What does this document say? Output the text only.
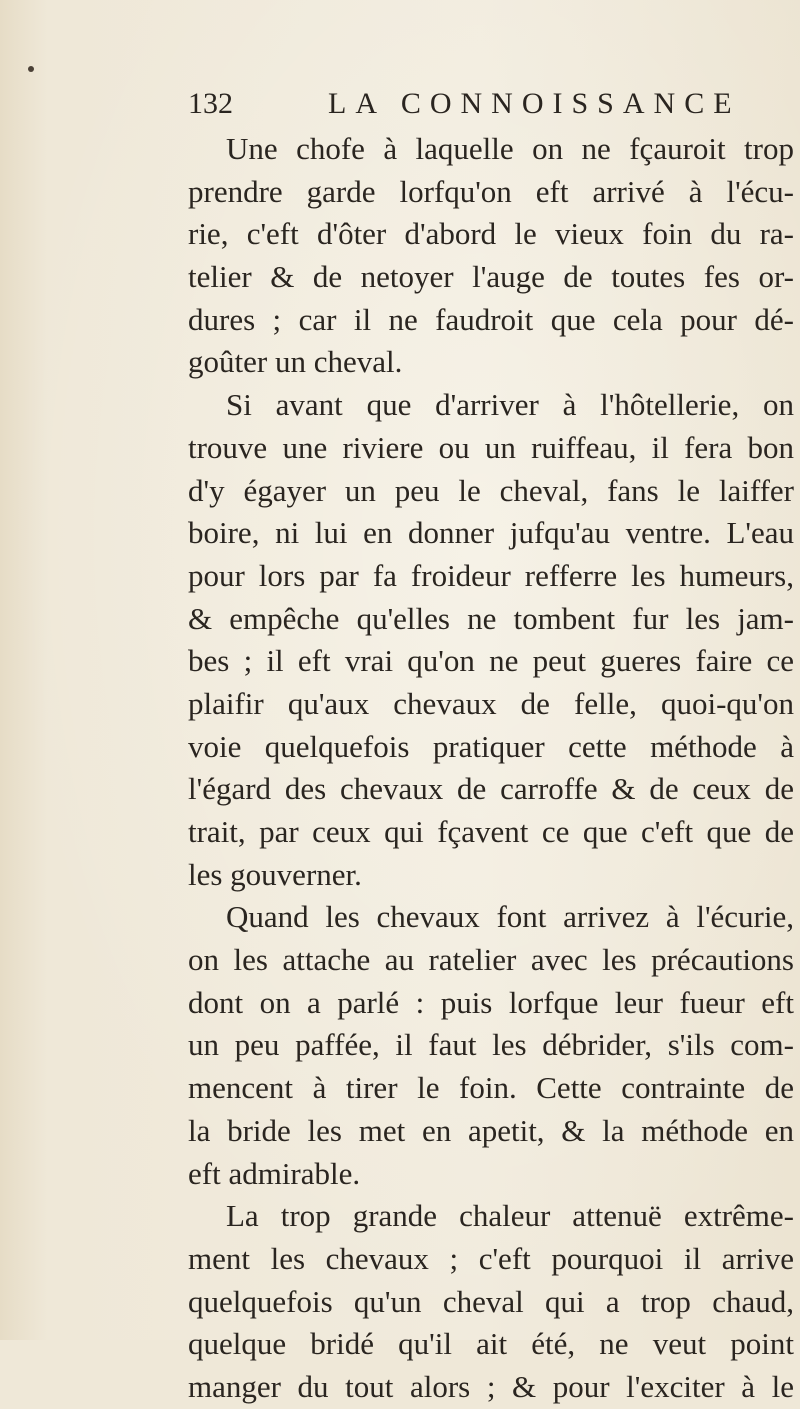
132	LA CONNOISSANCE
Une chofe à laquelle on ne fçauroit trop
prendre garde lorfqu'on eft arrivé à l'écu-
rie, c'eft d'ôter d'abord le vieux foin du ra-
telier & de netoyer l'auge de toutes fes or-
dures ; car il ne faudroit que cela pour dé-
goûter un cheval.
Si avant que d'arriver à l'hôtellerie, on
trouve une riviere ou un ruiffeau, il fera bon
d'y égayer un peu le cheval, fans le laiffer
boire, ni lui en donner jufqu'au ventre. L'eau
pour lors par fa froideur refferre les humeurs,
& empêche qu'elles ne tombent fur les jam-
bes ; il eft vrai qu'on ne peut gueres faire ce
plaifir qu'aux chevaux de felle, quoi-qu'on
voie quelquefois pratiquer cette méthode à
l'égard des chevaux de carroffe & de ceux de
trait, par ceux qui fçavent ce que c'eft que de
les gouverner.
Quand les chevaux font arrivez à l'écurie,
on les attache au ratelier avec les précautions
dont on a parlé : puis lorfque leur fueur eft
un peu paffée, il faut les débrider, s'ils com-
mencent à tirer le foin. Cette contrainte de
la bride les met en apetit, & la méthode en
eft admirable.
La trop grande chaleur attenuë extrême-
ment les chevaux ; c'eft pourquoi il arrive
quelquefois qu'un cheval qui a trop chaud,
quelque bridé qu'il ait été, ne veut point
manger du tout alors ; & pour l'exciter à le
